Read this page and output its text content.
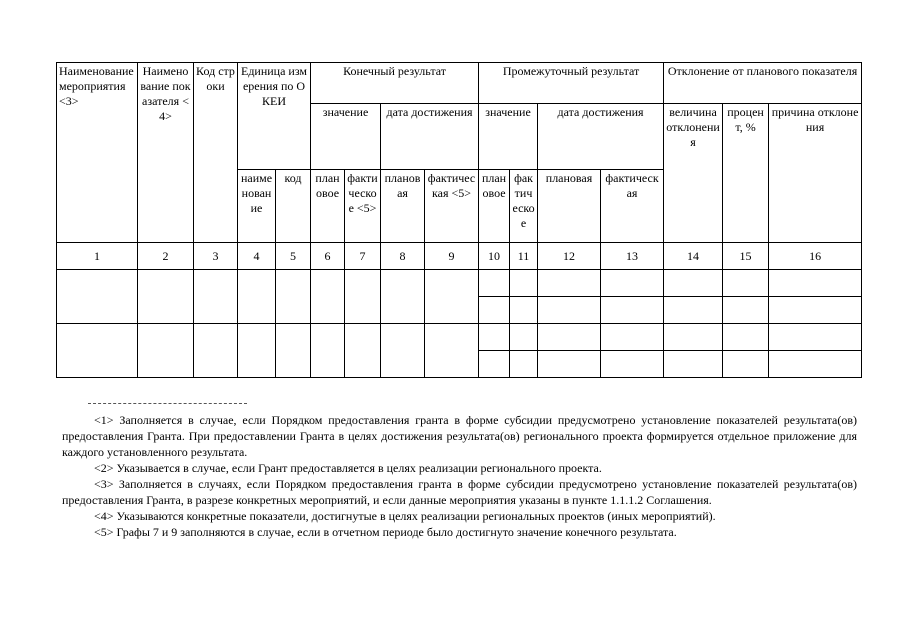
Наименование мероприятия <3>	Наименование показателя <4>	Код строки	Единица измерения по ОКЕИ		Конечный результат				Промежуточный результат				Отклонение от планового показателя		
					значение		дата достижения		значение		дата достижения		величина отклонения	процент, %	причина отклонения
			наименование	код	плановое	фактическое <5>	плановая	фактическая <5>	плановое	фактическое	плановая	фактическая			
1	2	3	4	5	6	7	8	9	10	11	12	13	14	15	16

<1> Заполняется в случае, если Порядком предоставления гранта в форме субсидии предусмотрено установление показателей результата(ов) предоставления Гранта. При предоставлении Гранта в целях достижения результата(ов) регионального проекта формируется отдельное приложение для каждого установленного результата.

<2> Указывается в случае, если Грант предоставляется в целях реализации регионального проекта.

<3> Заполняется в случаях, если Порядком предоставления гранта в форме субсидии предусмотрено установление показателей результата(ов) предоставления Гранта, в разрезе конкретных мероприятий, и если данные мероприятия указаны в пункте 1.1.1.2 Соглашения.

<4> Указываются конкретные показатели, достигнутые в целях реализации региональных проектов (иных мероприятий).

<5> Графы 7 и 9 заполняются в случае, если в отчетном периоде было достигнуто значение конечного результата.
